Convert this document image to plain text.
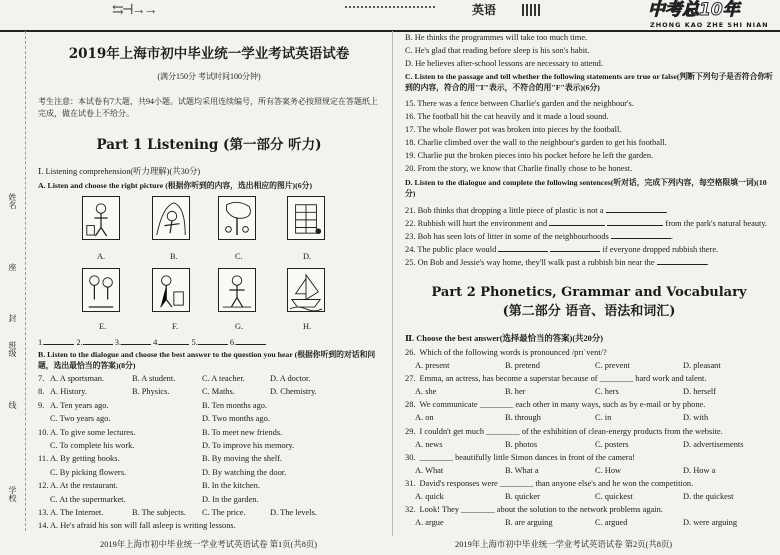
⇆⊣→→	英语	中考总10年
ZHONG KAO ZHE SHI NIAN
姓名
座
封
班级
线
学校
2019年上海市初中毕业统一学业考试英语试卷
(满分150分 考试时间100分钟)
考生注意：本试卷有7大题，共94小题。试题均采用连续编号，所有答案务必按照规定在答题纸上完成，做在试卷上不给分。
Part 1 Listening (第一部分 听力)
Ⅰ. Listening comprehension(听力理解)(共30分)
A. Listen and choose the right picture (根据你听到的内容，选出相应的图片)(6分)
A.	B.	C.	D.
E.	F.	G.	H.
1.	2.	3.	4.	5.	6.
B. Listen to the dialogue and choose the best answer to the question you hear (根据你听到的对话和问题，选出最恰当的答案)(8分)
7. A. A sportsman.	B. A student.	C. A teacher.	D. A doctor.
8. A. History.	B. Physics.	C. Maths.	D. Chemistry.
9. A. Ten years ago.	B. Ten months ago.
C. Two years ago.	D. Two months ago.
10. A. To give some lectures.	B. To meet new friends.
C. To complete his work.	D. To improve his memory.
11. A. By getting books.	B. By moving the shelf.
C. By picking flowers.	D. By watching the door.
12. A. At the restaurant.	B. In the kitchen.
C. At the supermarket.	D. In the garden.
13. A. The Internet.	B. The subjects. C. The price.	D. The levels.
14. A. He's afraid his son will fall asleep is writing lessons.
2019年上海市初中毕业统一学业考试英语试卷 第1页(共8页)
B. He thinks the programmes will take too much time.
C. He's glad that reading before sleep is his son's habit.
D. He believes after-school lessons are necessary to attend.
C. Listen to the passage and tell whether the following statements are true or false(判断下列句子是否符合你听到的内容，符合的用"T"表示，不符合的用"F"表示)(6分)
15. There was a fence between Charlie's garden and the neighbour's.
16. The football hit the cat heavily and it made a loud sound.
17. The whole flower pot was broken into pieces by the football.
18. Charlie climbed over the wall to the neighbour's garden to get his football.
19. Charlie put the broken pieces into his pocket before he left the garden.
20. From the story, we know that Charlie finally chose to be honest.
D. Listen to the dialogue and complete the following sentences(听对话，完成下列内容，每空格限填一词)(10分)
21. Bob thinks that dropping a little piece of plastic is not a	.
22. Rubbish will hurt the environment and	from the park's natural beauty.
23. Bob has seen lots of litter in some of the neighbourhoods	.
24. The public place would	if everyone dropped rubbish there.
25. On Bob and Jessie's way home, they'll walk past a rubbish bin near the	.
Part 2 Phonetics, Grammar and Vocabulary
(第二部分 语音、语法和词汇)
Ⅱ. Choose the best answer(选择最恰当的答案)(共20分)
26. Which of the following words is pronounced /prɪˈvent/?
A. present	B. pretend	C. prevent	D. pleasant
27. Emma, an actress, has become a superstar because of ________ hard work and talent.
A. she	B. her	C. hers	D. herself
28. We communicate ________ each other in many ways, such as by e-mail or by phone.
A. on	B. through	C. in	D. with
29. I couldn't get much ________ of the exhibition of clean-energy products from the website.
A. news	B. photos	C. posters	D. advertisements
30. ________ beautifully little Simon dances in front of the camera!
A. What	B. What a	C. How	D. How a
31. David's responses were ________ than anyone else's and he won the competition.
A. quick	B. quicker	C. quickest	D. the quickest
32. Look! They ________ about the solution to the network problems again.
A. argue	B. are arguing	C. argued	D. were arguing
2019年上海市初中毕业统一学业考试英语试卷 第2页(共8页)
